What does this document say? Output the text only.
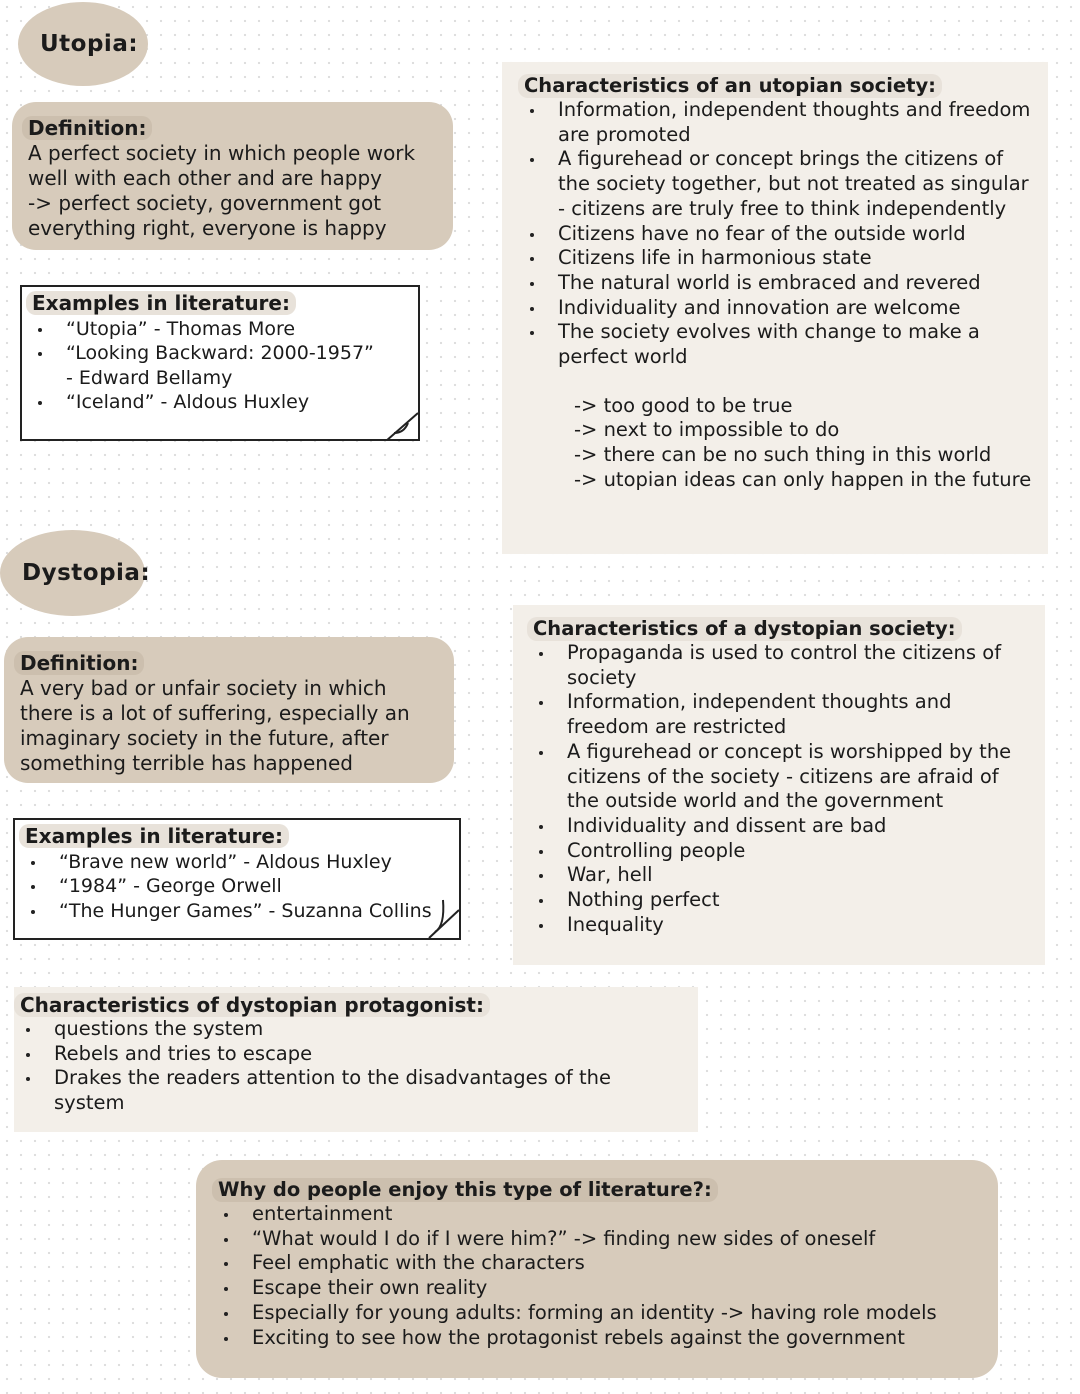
Utopia:
Definition:
A perfect society in which people work
well with each other and are happy
-> perfect society, government got
everything right, everyone is happy
Examples in literature:
“Utopia” - Thomas More
“Looking Backward: 2000-1957” - Edward Bellamy
“Iceland” - Aldous Huxley
Characteristics of an utopian society:
Information, independent thoughts and freedom are promoted
A figurehead or concept brings the citizens of the society together, but not treated as singular - citizens are truly free to think independently
Citizens have no fear of the outside world
Citizens life in harmonious state
The natural world is embraced and revered
Individuality and innovation are welcome
The society evolves with change to make a perfect world
-> too good to be true
-> next to impossible to do
-> there can be no such thing in this world
-> utopian ideas can only happen in the future
Dystopia:
Definition:
A very bad or unfair society in which
there is a lot of suffering, especially an
imaginary society in the future, after
something terrible has happened
Examples in literature:
“Brave new world” - Aldous Huxley
“1984” - George Orwell
“The Hunger Games” - Suzanna Collins
Characteristics of a dystopian society:
Propaganda is used to control the citizens of society
Information, independent thoughts and freedom are restricted
A figurehead or concept is worshipped by the citizens of the society - citizens are afraid of the outside world and the government
Individuality and dissent are bad
Controlling people
War, hell
Nothing perfect
Inequality
Characteristics of dystopian protagonist:
questions the system
Rebels and tries to escape
Drakes the readers attention to the disadvantages of the system
Why do people enjoy this type of literature?:
entertainment
“What would I do if I were him?” -> finding new sides of oneself
Feel emphatic with the characters
Escape their own reality
Especially for young adults: forming an identity -> having role models
Exciting to see how the protagonist rebels against the government
